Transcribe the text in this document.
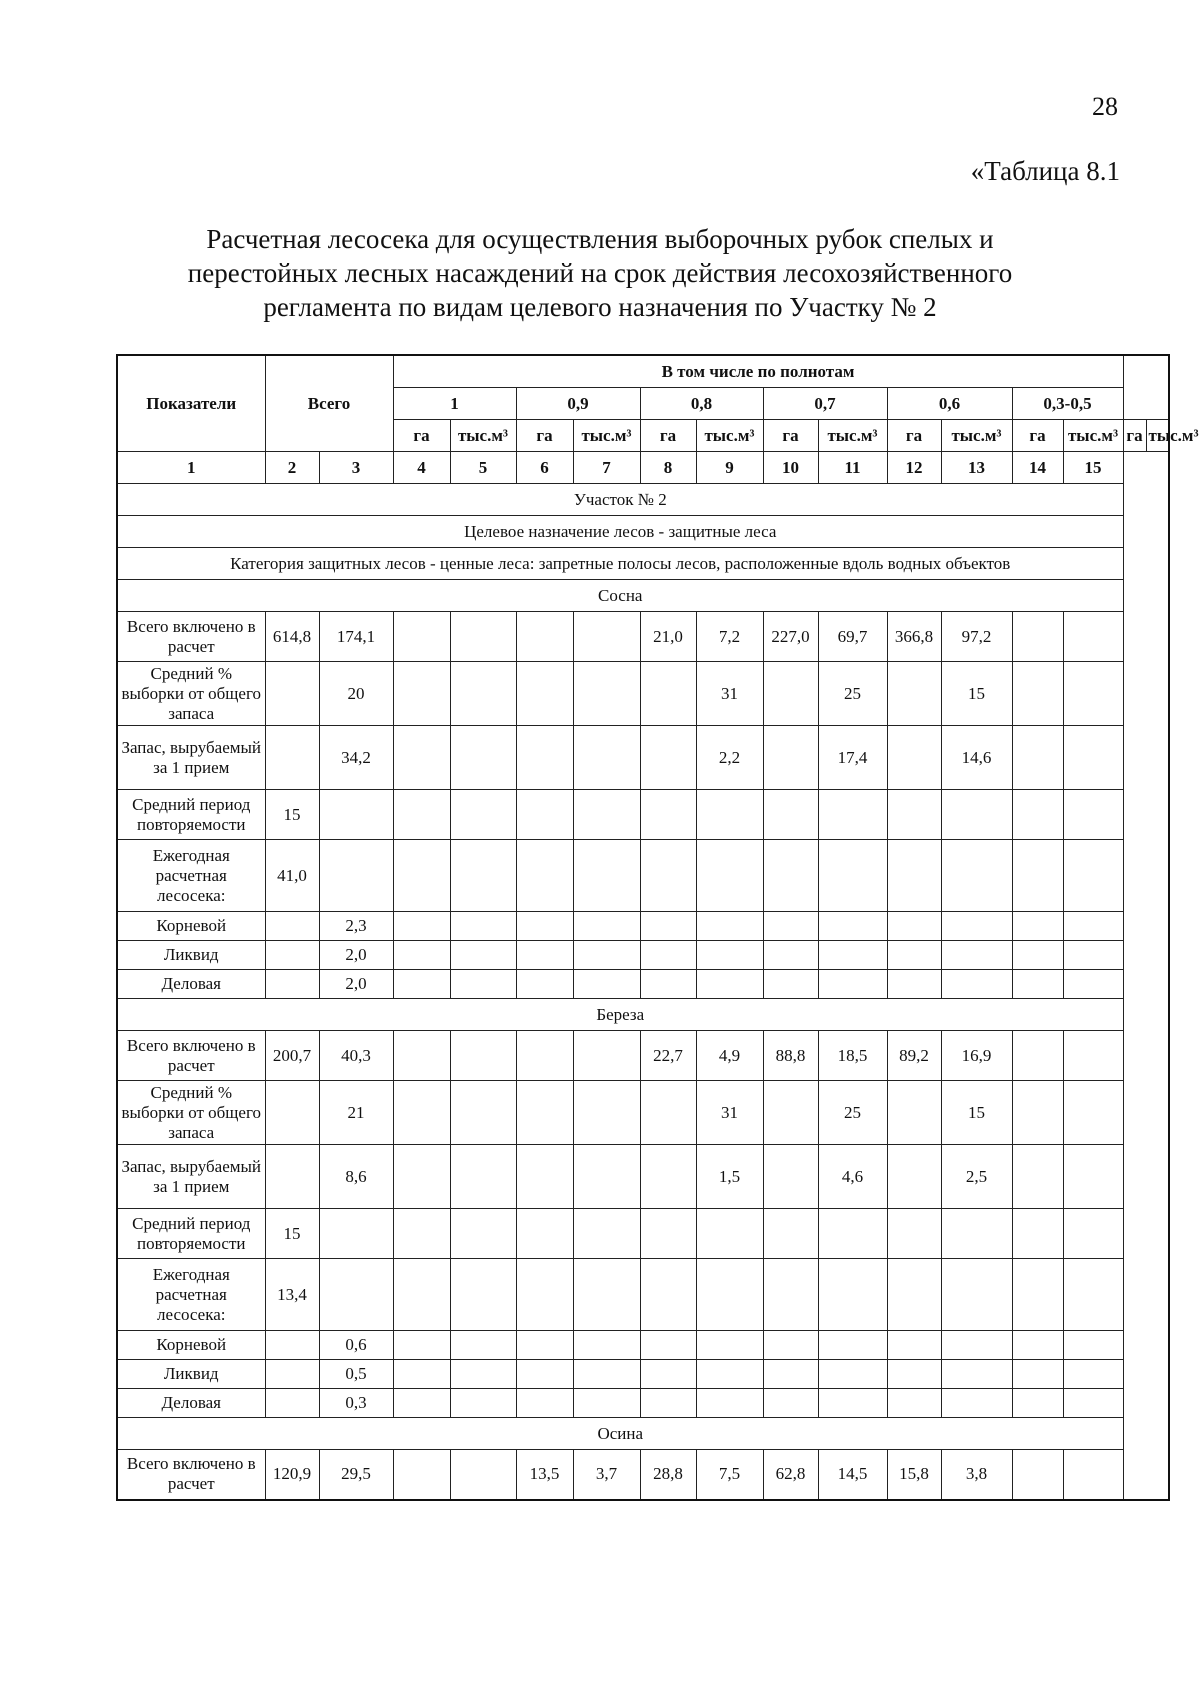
28
«Таблица 8.1
Расчетная лесосека для осуществления выборочных рубок спелых и
перестойных лесных насаждений на срок действия лесохозяйственного
регламента по видам целевого назначения по Участку № 2
Показатели	Всего		В том числе по полнотам													
			1		0,9		0,8		0,7		0,6		0,3-0,5			
			га	тыс.м³	га	тыс.м³	га	тыс.м³	га	тыс.м³	га	тыс.м³	га	тыс.м³	га	тыс.м³
1	2	3	4	5	6	7	8	9	10	11	12	13	14	15		
Участок № 2																
Целевое назначение лесов - защитные леса																
Категория защитных лесов - ценные леса: запретные полосы лесов, расположенные вдоль водных объектов																
Сосна																
Всего включено в расчет	614,8	174,1					21,0	7,2	227,0	69,7	366,8	97,2				
Средний % выборки от общего запаса		20						31		25		15				
Запас, вырубаемый за 1 прием		34,2						2,2		17,4		14,6				
Средний период повторяемости	15															
Ежегодная расчетная лесосека:	41,0															
Корневой		2,3														
Ликвид		2,0														
Деловая		2,0														
Береза																
Всего включено в расчет	200,7	40,3					22,7	4,9	88,8	18,5	89,2	16,9				
Средний % выборки от общего запаса		21						31		25		15				
Запас, вырубаемый за 1 прием		8,6						1,5		4,6		2,5				
Средний период повторяемости	15															
Ежегодная расчетная лесосека:	13,4															
Корневой		0,6														
Ликвид		0,5														
Деловая		0,3														
Осина																
Всего включено в расчет	120,9	29,5			13,5	3,7	28,8	7,5	62,8	14,5	15,8	3,8				
